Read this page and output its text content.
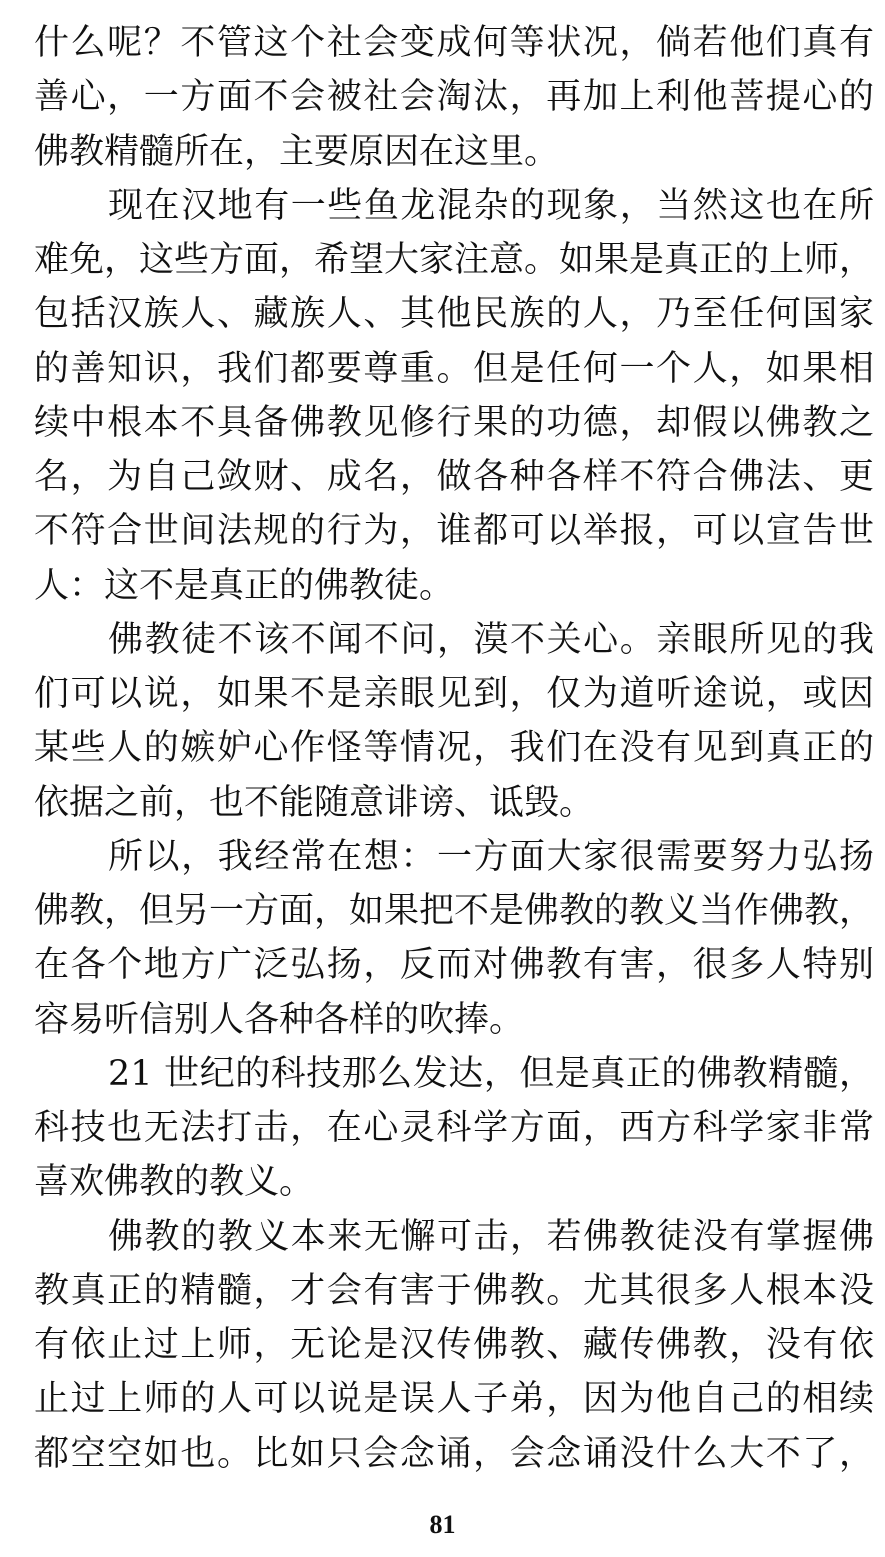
什么呢？不管这个社会变成何等状况，倘若他们真有
善心，一方面不会被社会淘汰，再加上利他菩提心的
佛教精髓所在，主要原因在这里。
现在汉地有一些鱼龙混杂的现象，当然这也在所
难免，这些方面，希望大家注意。如果是真正的上师，
包括汉族人、藏族人、其他民族的人，乃至任何国家
的善知识，我们都要尊重。但是任何一个人，如果相
续中根本不具备佛教见修行果的功德，却假以佛教之
名，为自己敛财、成名，做各种各样不符合佛法、更
不符合世间法规的行为，谁都可以举报，可以宣告世
人：这不是真正的佛教徒。
佛教徒不该不闻不问，漠不关心。亲眼所见的我
们可以说，如果不是亲眼见到，仅为道听途说，或因
某些人的嫉妒心作怪等情况，我们在没有见到真正的
依据之前，也不能随意诽谤、诋毁。
所以，我经常在想：一方面大家很需要努力弘扬
佛教，但另一方面，如果把不是佛教的教义当作佛教，
在各个地方广泛弘扬，反而对佛教有害，很多人特别
容易听信别人各种各样的吹捧。
21 世纪的科技那么发达，但是真正的佛教精髓，
科技也无法打击，在心灵科学方面，西方科学家非常
喜欢佛教的教义。
佛教的教义本来无懈可击，若佛教徒没有掌握佛
教真正的精髓，才会有害于佛教。尤其很多人根本没
有依止过上师，无论是汉传佛教、藏传佛教，没有依
止过上师的人可以说是误人子弟，因为他自己的相续
都空空如也。比如只会念诵，会念诵没什么大不了，
81
